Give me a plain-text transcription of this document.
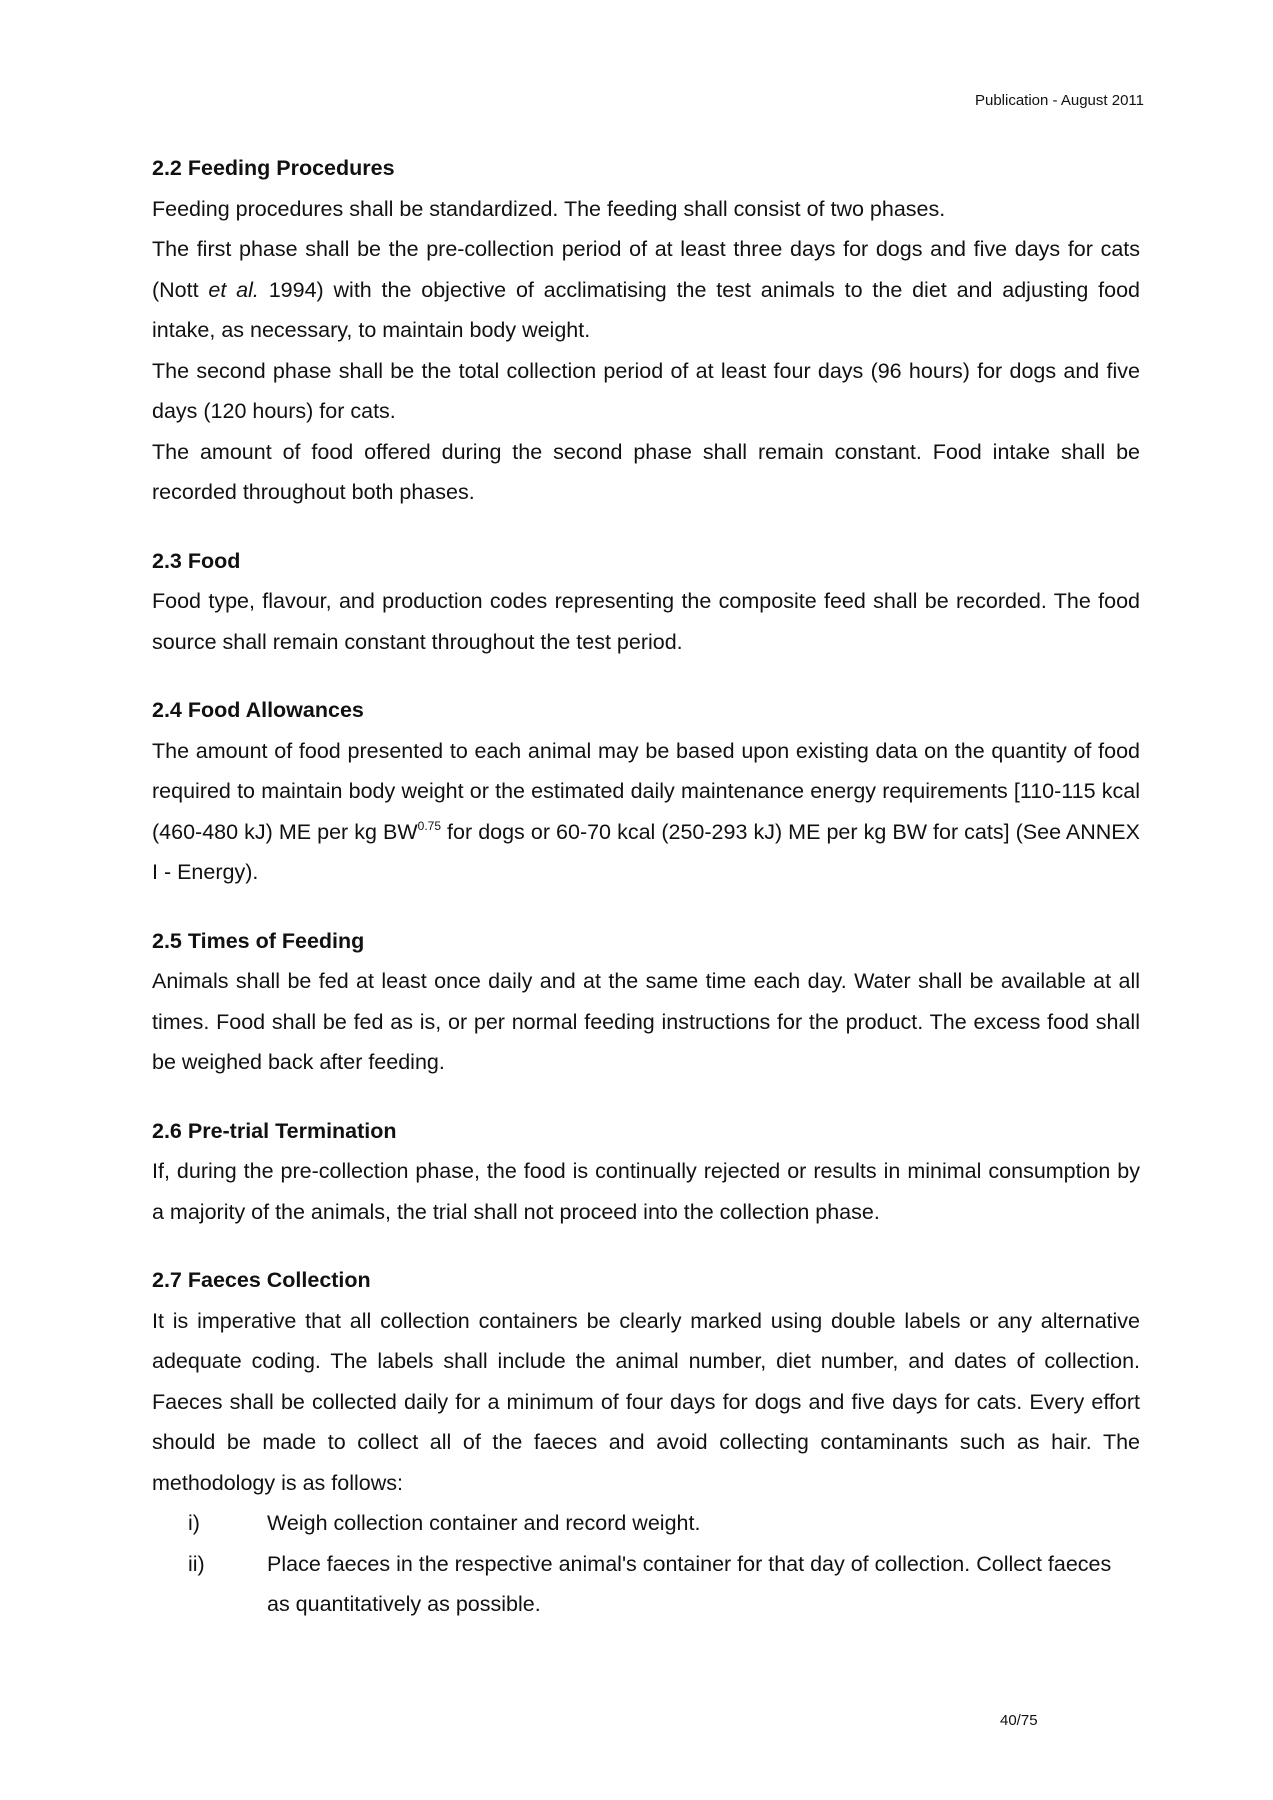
Publication - August 2011
2.2 Feeding Procedures

Feeding procedures shall be standardized. The feeding shall consist of two phases.

The first phase shall be the pre-collection period of at least three days for dogs and five days for cats (Nott et al. 1994) with the objective of acclimatising the test animals to the diet and adjusting food intake, as necessary, to maintain body weight.

The second phase shall be the total collection period of at least four days (96 hours) for dogs and five days (120 hours) for cats.

The amount of food offered during the second phase shall remain constant. Food intake shall be recorded throughout both phases.

2.3 Food

Food type, flavour, and production codes representing the composite feed shall be recorded. The food source shall remain constant throughout the test period.

2.4 Food Allowances

The amount of food presented to each animal may be based upon existing data on the quantity of food required to maintain body weight or the estimated daily maintenance energy requirements [110-115 kcal (460-480 kJ) ME per kg $BW^{0.75}$ for dogs or 60-70 kcal (250-293 kJ) ME per kg BW for cats] (See ANNEX I - Energy).

2.5 Times of Feeding

Animals shall be fed at least once daily and at the same time each day. Water shall be available at all times. Food shall be fed as is, or per normal feeding instructions for the product. The excess food shall be weighed back after feeding.

2.6 Pre-trial Termination

If, during the pre-collection phase, the food is continually rejected or results in minimal consumption by a majority of the animals, the trial shall not proceed into the collection phase.

2.7 Faeces Collection

It is imperative that all collection containers be clearly marked using double labels or any alternative adequate coding. The labels shall include the animal number, diet number, and dates of collection. Faeces shall be collected daily for a minimum of four days for dogs and five days for cats. Every effort should be made to collect all of the faeces and avoid collecting contaminants such as hair. The methodology is as follows:

i)	Weigh collection container and record weight.
ii)	Place faeces in the respective animal's container for that day of collection. Collect faeces as quantitatively as possible.
40/75
